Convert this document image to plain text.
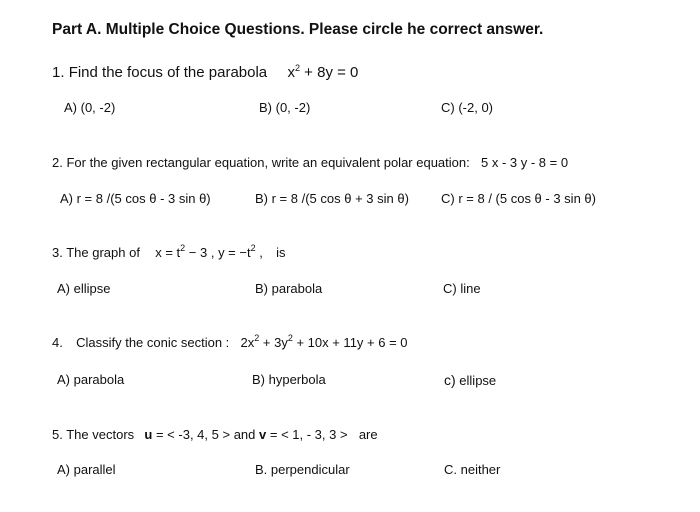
Part A. Multiple Choice Questions. Please circle he correct answer.
1. Find the focus of the parabola $x^2 + 8y = 0$
A) (0, -2)	B) (0, -2)	C) (-2, 0)
2. For the given rectangular equation, write an equivalent polar equation: 5 x - 3 y - 8 = 0
A) r = 8 /(5 cos θ - 3 sin θ)	B) r = 8 /(5 cos θ + 3 sin θ) C) r = 8 / (5 cos θ - 3 sin θ)
3. The graph of $x = t^2 - 3$ , $y = -t^2$ , is
A) ellipse	B) parabola	C) line
4. Classify the conic section : $2x^2 + 3y^2 + 10x + 11y + 6 = 0$
A) parabola	B) hyperbola	c) ellipse
5. The vectors u = < -3, 4, 5 > and v = < 1, - 3, 3 > are
A) parallel	B. perpendicular	C. neither
